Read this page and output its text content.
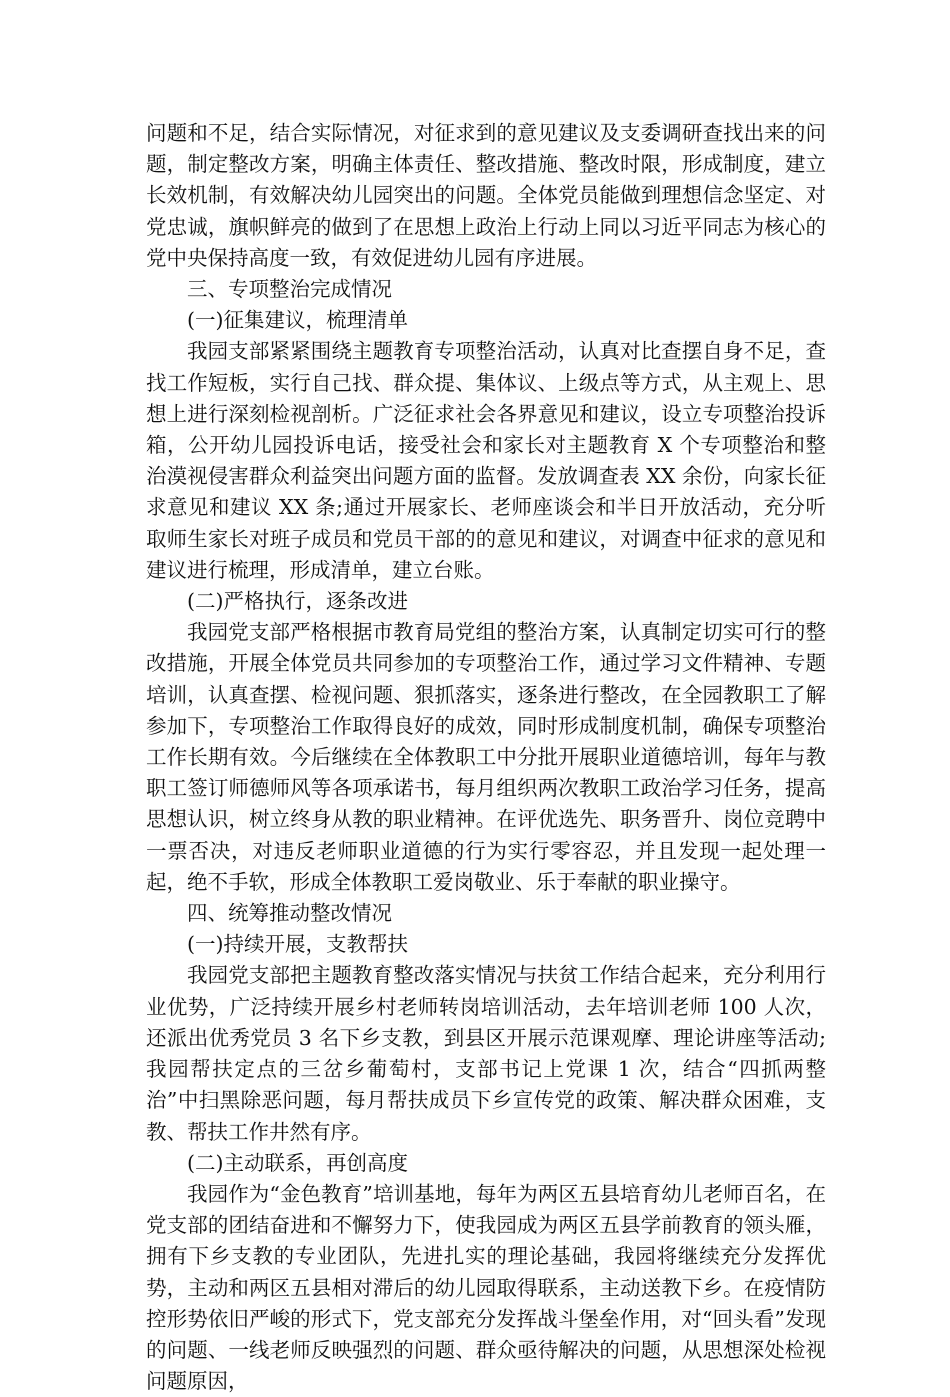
问题和不足，结合实际情况，对征求到的意见建议及支委调研查找出来的问题，制定整改方案，明确主体责任、整改措施、整改时限，形成制度，建立长效机制，有效解决幼儿园突出的问题。全体党员能做到理想信念坚定、对党忠诚，旗帜鲜亮的做到了在思想上政治上行动上同以习近平同志为核心的党中央保持高度一致，有效促进幼儿园有序进展。

三、专项整治完成情况

(一)征集建议，梳理清单

我园支部紧紧围绕主题教育专项整治活动，认真对比查摆自身不足，查找工作短板，实行自己找、群众提、集体议、上级点等方式，从主观上、思想上进行深刻检视剖析。广泛征求社会各界意见和建议，设立专项整治投诉箱，公开幼儿园投诉电话，接受社会和家长对主题教育 X 个专项整治和整治漠视侵害群众利益突出问题方面的监督。发放调查表 XX 余份，向家长征求意见和建议 XX 条;通过开展家长、老师座谈会和半日开放活动，充分听取师生家长对班子成员和党员干部的的意见和建议，对调查中征求的意见和建议进行梳理，形成清单，建立台账。

(二)严格执行，逐条改进

我园党支部严格根据市教育局党组的整治方案，认真制定切实可行的整改措施，开展全体党员共同参加的专项整治工作，通过学习文件精神、专题培训，认真查摆、检视问题、狠抓落实，逐条进行整改，在全园教职工了解参加下，专项整治工作取得良好的成效，同时形成制度机制，确保专项整治工作长期有效。今后继续在全体教职工中分批开展职业道德培训，每年与教职工签订师德师风等各项承诺书，每月组织两次教职工政治学习任务，提高思想认识，树立终身从教的职业精神。在评优选先、职务晋升、岗位竞聘中一票否决，对违反老师职业道德的行为实行零容忍，并且发现一起处理一起，绝不手软，形成全体教职工爱岗敬业、乐于奉献的职业操守。

四、统筹推动整改情况

(一)持续开展，支教帮扶

我园党支部把主题教育整改落实情况与扶贫工作结合起来，充分利用行业优势，广泛持续开展乡村老师转岗培训活动，去年培训老师 100 人次，还派出优秀党员 3 名下乡支教，到县区开展示范课观摩、理论讲座等活动;我园帮扶定点的三岔乡葡萄村，支部书记上党课 1 次，结合“四抓两整治”中扫黑除恶问题，每月帮扶成员下乡宣传党的政策、解决群众困难，支教、帮扶工作井然有序。

(二)主动联系，再创高度

我园作为“金色教育”培训基地，每年为两区五县培育幼儿老师百名，在党支部的团结奋进和不懈努力下，使我园成为两区五县学前教育的领头雁，拥有下乡支教的专业团队，先进扎实的理论基础，我园将继续充分发挥优势，主动和两区五县相对滞后的幼儿园取得联系，主动送教下乡。在疫情防控形势依旧严峻的形式下，党支部充分发挥战斗堡垒作用，对“回头看”发现的问题、一线老师反映强烈的问题、群众亟待解决的问题，从思想深处检视问题原因，
